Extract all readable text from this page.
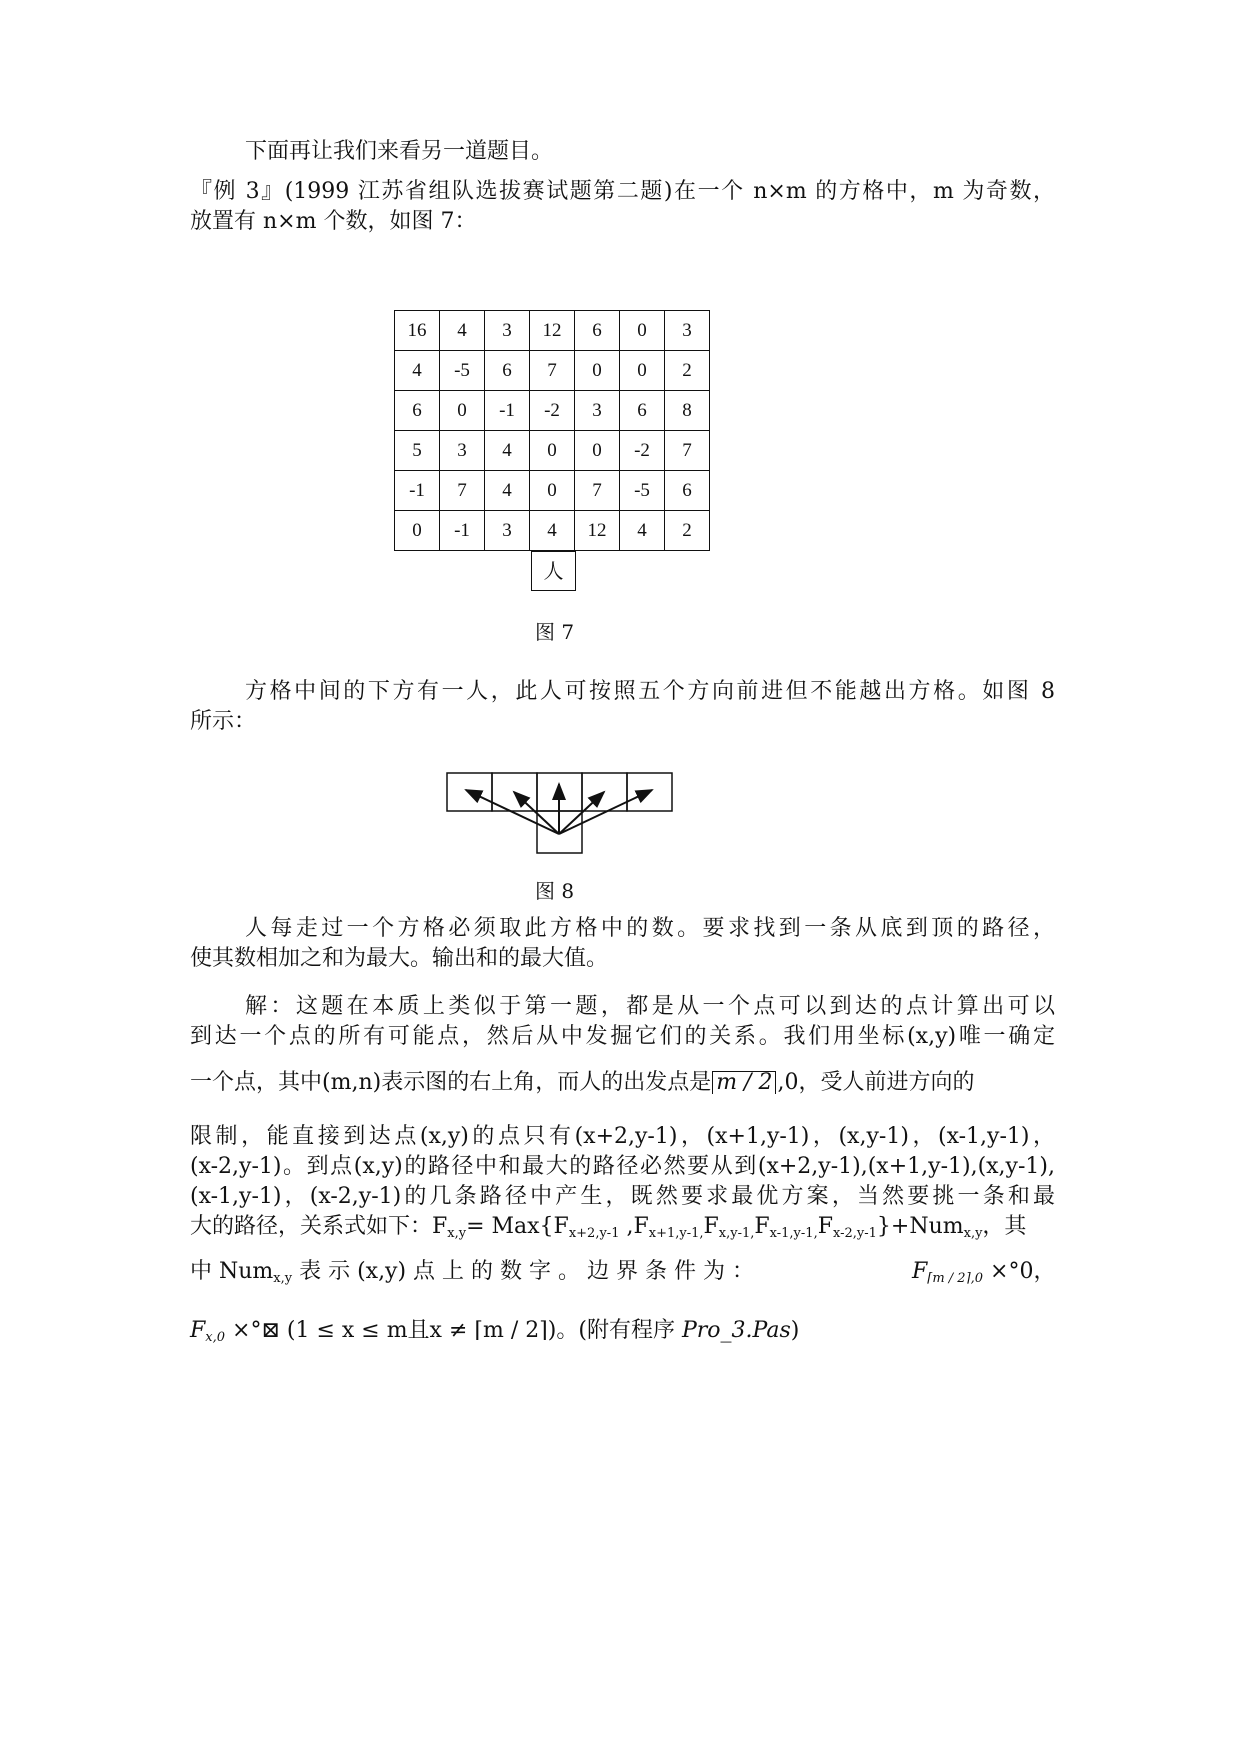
下面再让我们来看另一道题目。
『例 3』(1999 江苏省组队选拔赛试题第二题)在一个 n×m 的方格中，m 为奇数，
放置有 n×m 个数，如图 7：
16	4	3	12	6	0	3
4	-5	6	7	0	0	2
6	0	-1	-2	3	6	8
5	3	4	0	0	-2	7
-1	7	4	0	7	-5	6
0	-1	3	4	12	4	2
人
图 7
方格中间的下方有一人，此人可按照五个方向前进但不能越出方格。如图 8
所示：
图 8
人每走过一个方格必须取此方格中的数。要求找到一条从底到顶的路径，
使其数相加之和为最大。输出和的最大值。
解：这题在本质上类似于第一题，都是从一个点可以到达的点计算出可以
到达一个点的所有可能点，然后从中发掘它们的关系。我们用坐标(x,y)唯一确定
一个点，其中(m,n)表示图的右上角，而人的出发点是 m / 2 ,0，受人前进方向的
限制，能直接到达点(x,y)的点只有(x+2,y-1)，(x+1,y-1)，(x,y-1)，(x-1,y-1)，
(x-2,y-1)。到点(x,y)的路径中和最大的路径必然要从到(x+2,y-1),(x+1,y-1),(x,y-1),
(x-1,y-1)，(x-2,y-1)的几条路径中产生，既然要求最优方案，当然要挑一条和最
大的路径，关系式如下：$F_{x,y}= Max\{F_{x+2,y-1}$ $,F_{x+1,y-1,}F_{x,y-1,}F_{x-1,y-1,}F_{x-2,y-1}\}+Num_{x,y}$，其
中 Num$_{x,y}$ 表 示 (x,y) 点 上 的 数 字 。 边 界 条 件 为 ：	$F_{⌈m / 2⌉,0} \times^\circ 0$，
$F_{x,0}$ ×°⊠ (1 ≤ x ≤ m且x ≠ ⌈m / 2⌉)。(附有程序 Pro_3.Pas)
